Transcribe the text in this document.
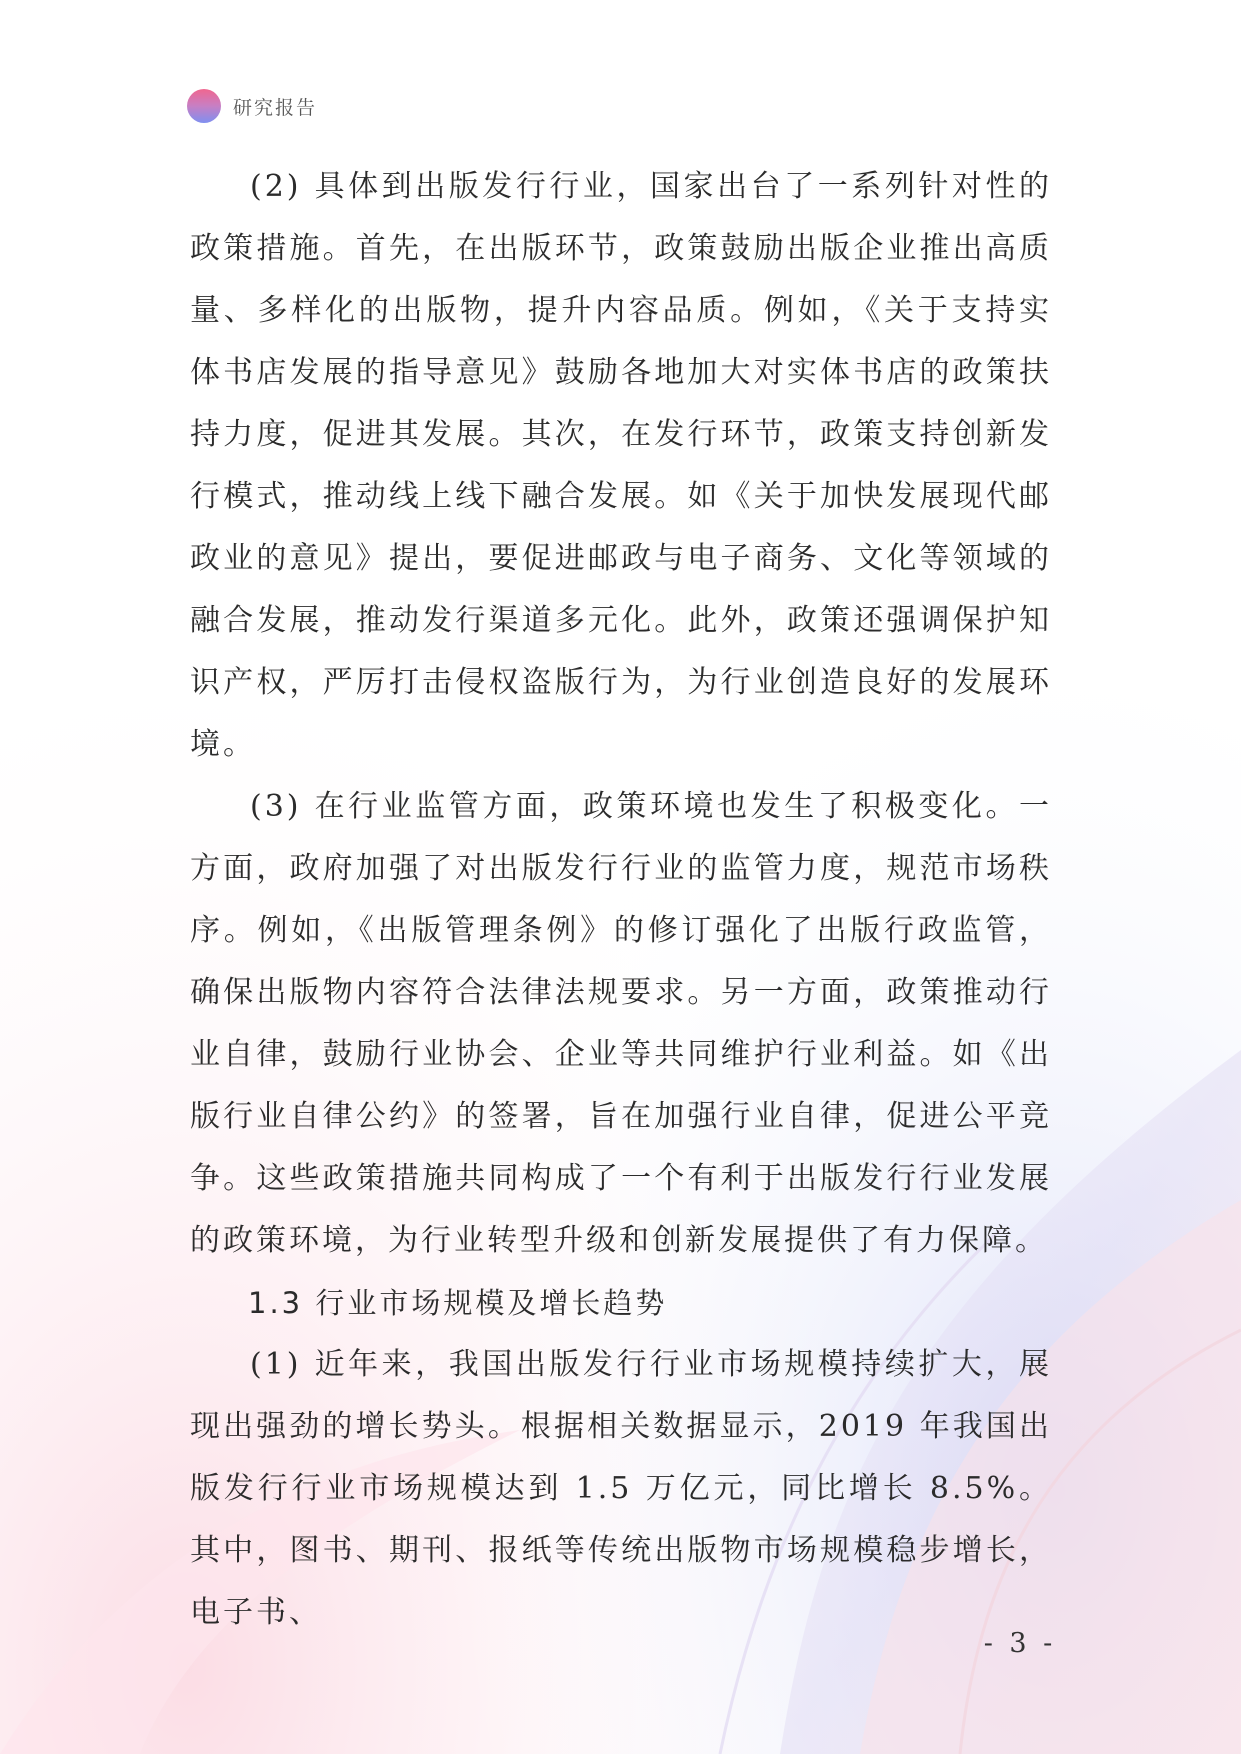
研究报告

(2) 具体到出版发行行业，国家出台了一系列针对性的政策措施。首先，在出版环节，政策鼓励出版企业推出高质量、多样化的出版物，提升内容品质。例如，《关于支持实体书店发展的指导意见》鼓励各地加大对实体书店的政策扶持力度，促进其发展。其次，在发行环节，政策支持创新发行模式，推动线上线下融合发展。如《关于加快发展现代邮政业的意见》提出，要促进邮政与电子商务、文化等领域的融合发展，推动发行渠道多元化。此外，政策还强调保护知识产权，严厉打击侵权盗版行为，为行业创造良好的发展环境。

(3) 在行业监管方面，政策环境也发生了积极变化。一方面，政府加强了对出版发行行业的监管力度，规范市场秩序。例如，《出版管理条例》的修订强化了出版行政监管，确保出版物内容符合法律法规要求。另一方面，政策推动行业自律，鼓励行业协会、企业等共同维护行业利益。如《出版行业自律公约》的签署，旨在加强行业自律，促进公平竞争。这些政策措施共同构成了一个有利于出版发行行业发展的政策环境，为行业转型升级和创新发展提供了有力保障。

1.3 行业市场规模及增长趋势

(1) 近年来，我国出版发行行业市场规模持续扩大，展现出强劲的增长势头。根据相关数据显示，2019 年我国出版发行行业市场规模达到 1.5 万亿元，同比增长 8.5%。其中，图书、期刊、报纸等传统出版物市场规模稳步增长，电子书、

- 3 -
